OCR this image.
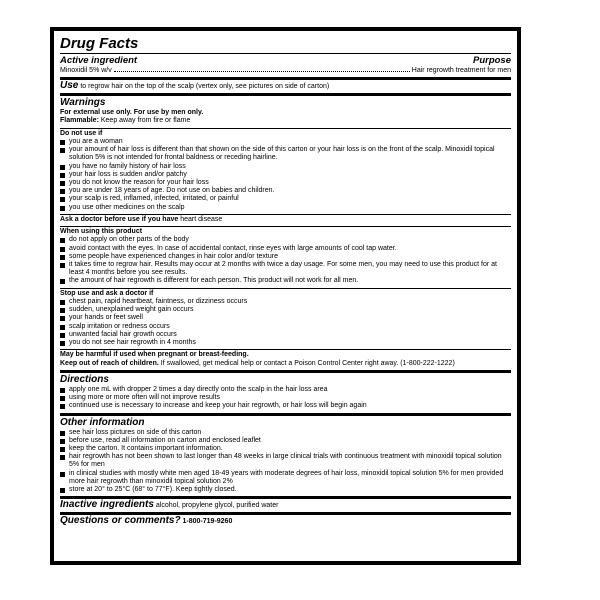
Drug Facts
Active ingredient	Purpose
Minoxidil 5% w/v	Hair regrowth treatment for men
Use to regrow hair on the top of the scalp (vertex only, see pictures on side of carton)
Warnings
For external use only. For use by men only.
Flammable: Keep away from fire or flame
Do not use if
you are a woman
your amount of hair loss is different than that shown on the side of this carton or your hair loss is on the front of the scalp. Minoxidil topical solution 5% is not intended for frontal baldness or receding hairline.
you have no family history of hair loss
your hair loss is sudden and/or patchy
you do not know the reason for your hair loss
you are under 18 years of age. Do not use on babies and children.
your scalp is red, inflamed, infected, irritated, or painful
you use other medicines on the scalp
Ask a doctor before use if you have heart disease
When using this product
do not apply on other parts of the body
avoid contact with the eyes. In case of accidental contact, rinse eyes with large amounts of cool tap water.
some people have experienced changes in hair color and/or texture
it takes time to regrow hair. Results may occur at 2 months with twice a day usage. For some men, you may need to use this product for at least 4 months before you see results.
the amount of hair regrowth is different for each person. This product will not work for all men.
Stop use and ask a doctor if
chest pain, rapid heartbeat, faintness, or dizziness occurs
sudden, unexplained weight gain occurs
your hands or feet swell
scalp irritation or redness occurs
unwanted facial hair growth occurs
you do not see hair regrowth in 4 months
May be harmful if used when pregnant or breast-feeding.
Keep out of reach of children. If swallowed, get medical help or contact a Poison Control Center right away. (1-800-222-1222)
Directions
apply one mL with dropper 2 times a day directly onto the scalp in the hair loss area
using more or more often will not improve results
continued use is necessary to increase and keep your hair regrowth, or hair loss will begin again
Other information
see hair loss pictures on side of this carton
before use, read all information on carton and enclosed leaflet
keep the carton. It contains important information.
hair regrowth has not been shown to last longer than 48 weeks in large clinical trials with continuous treatment with minoxidil topical solution 5% for men
in clinical studies with mostly white men aged 18-49 years with moderate degrees of hair loss, minoxidil topical solution 5% for men provided more hair regrowth than minoxidil topical solution 2%
store at 20° to 25°C (68° to 77°F). Keep tightly closed.
Inactive ingredients alcohol, propylene glycol, purified water
Questions or comments? 1-800-719-9260
